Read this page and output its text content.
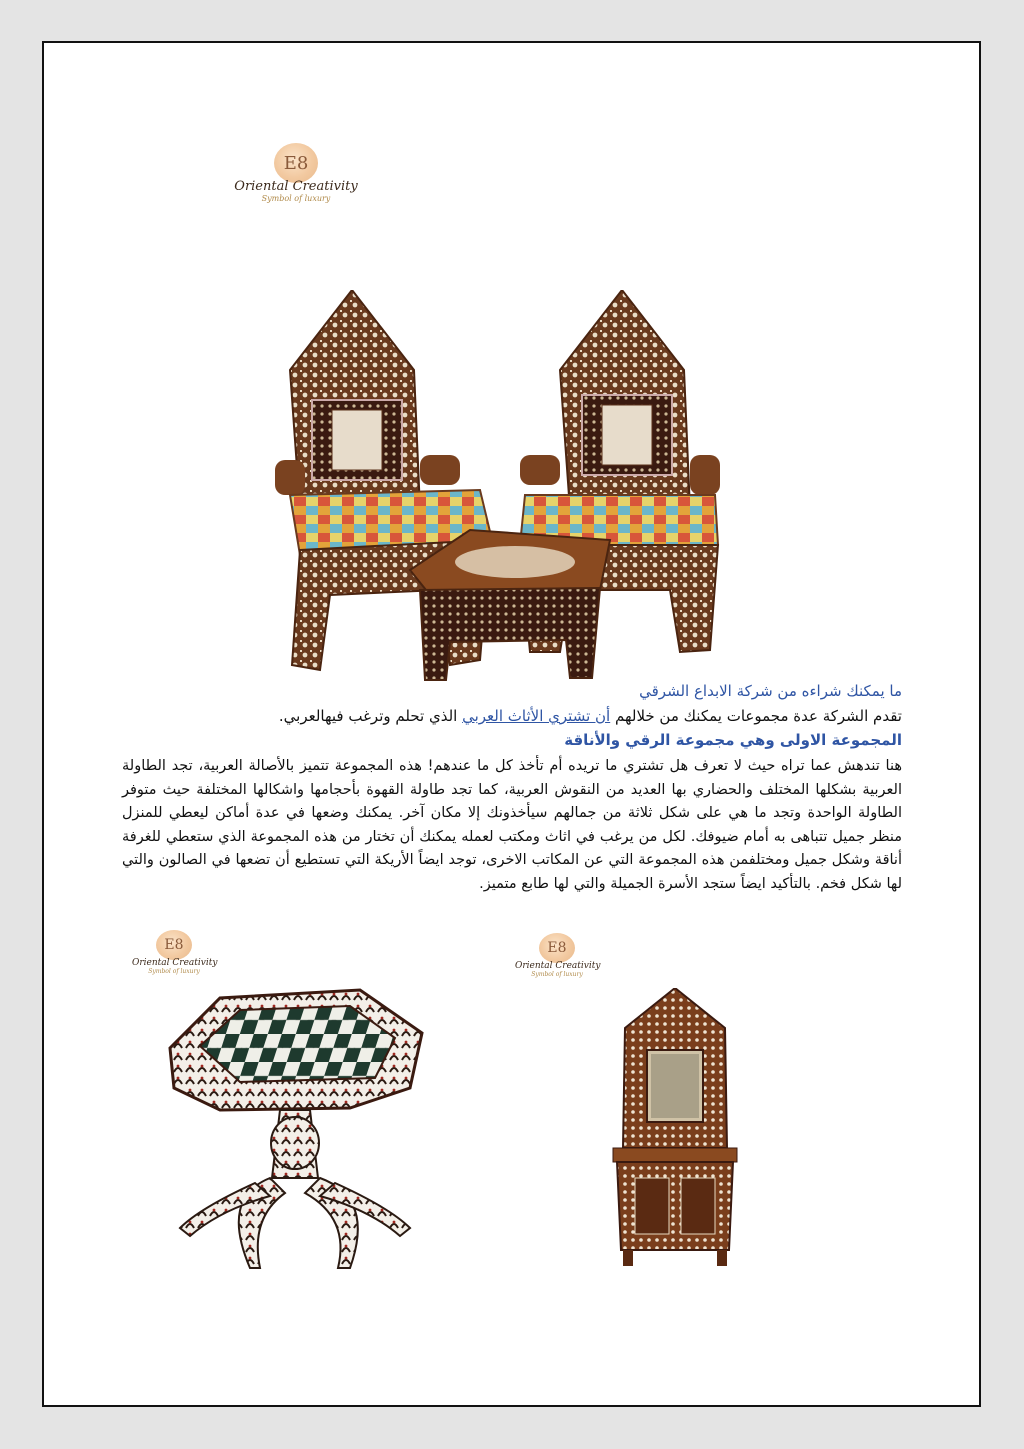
E8
Oriental Creativity
Symbol of luxury
ما يمكنك شراءه من شركة الابداع الشرقي
تقدم الشركة عدة مجموعات يمكنك من خلالهم أن تشتري الأثاث العربي الذي تحلم وترغب فيهالعربي.
المجموعة الاولى وهي مجموعة الرقي والأناقة
هنا تندهش عما تراه حيث لا تعرف هل تشتري ما تريده أم تأخذ كل ما عندهم! هذه المجموعة تتميز بالأصالة العربية، تجد الطاولة العربية بشكلها المختلف والحضاري بها العديد من النقوش العربية، كما تجد طاولة القهوة بأحجامها واشكالها المختلفة حيث متوفر الطاولة الواحدة وتجد ما هي على شكل ثلاثة من جمالهم سيأخذونك إلا مكان آخر. يمكنك وضعها في عدة أماكن ليعطي للمنزل منظر جميل تتباهى به أمام ضيوفك. لكل من يرغب في اثاث ومكتب لعمله يمكنك أن تختار من هذه المجموعة الذي ستعطي للغرفة أناقة وشكل جميل ومختلفمن هذه المجموعة التي عن المكاتب الاخرى، توجد ايضاً الأريكة التي تستطيع أن تضعها في الصالون والتي لها شكل فخم. بالتأكيد ايضاً ستجد الأسرة الجميلة والتي لها طابع متميز.
E8
Oriental Creativity
Symbol of luxury
E8
Oriental Creativity
Symbol of luxury
